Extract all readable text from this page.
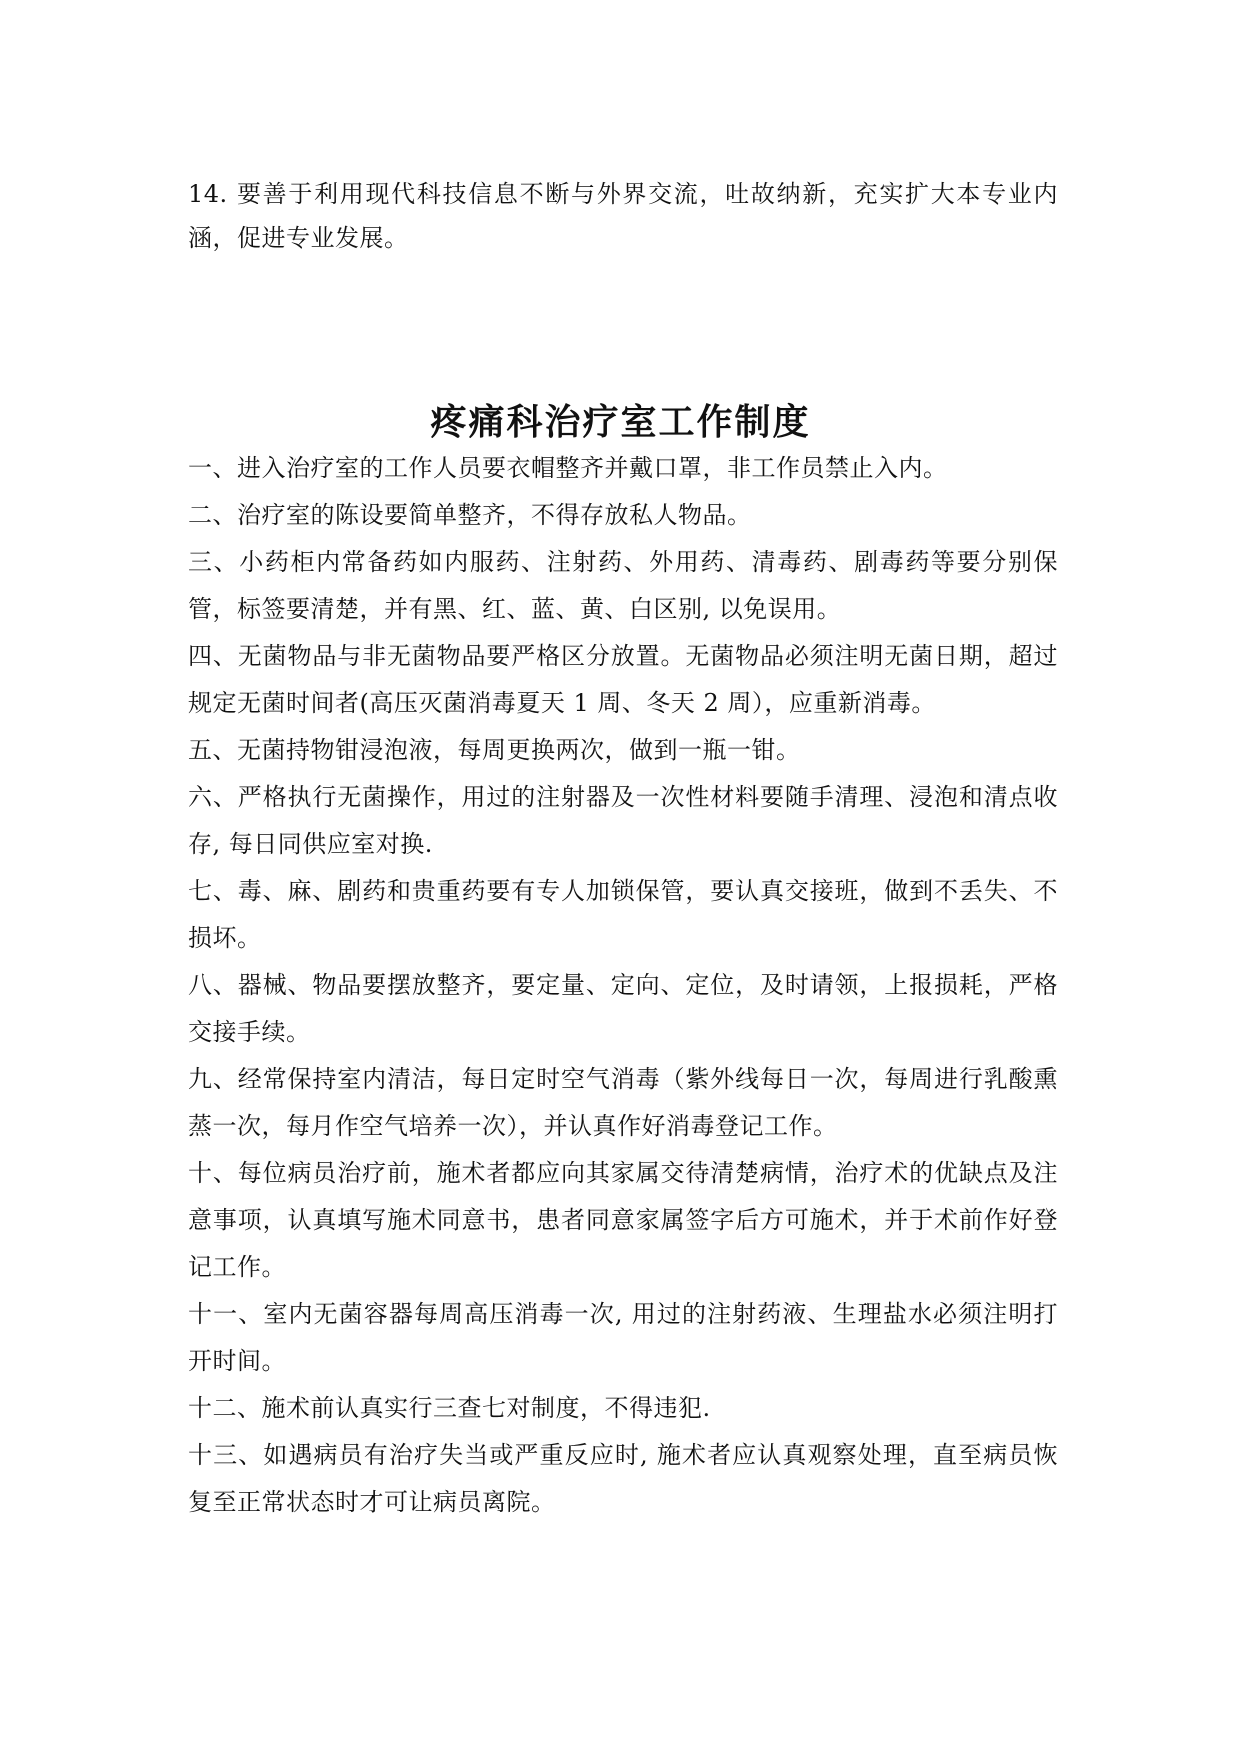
14. 要善于利用现代科技信息不断与外界交流，吐故纳新，充实扩大本专业内涵，促进专业发展。

疼痛科治疗室工作制度

一、进入治疗室的工作人员要衣帽整齐并戴口罩，非工作员禁止入内。

二、治疗室的陈设要简单整齐，不得存放私人物品。

三、小药柜内常备药如内服药、注射药、外用药、清毒药、剧毒药等要分别保管，标签要清楚，并有黑、红、蓝、黄、白区别, 以免误用。

四、无菌物品与非无菌物品要严格区分放置。无菌物品必须注明无菌日期，超过规定无菌时间者(高压灭菌消毒夏天 1 周、冬天 2 周），应重新消毒。

五、无菌持物钳浸泡液，每周更换两次，做到一瓶一钳。

六、严格执行无菌操作，用过的注射器及一次性材料要随手清理、浸泡和清点收存, 每日同供应室对换.

七、毒、麻、剧药和贵重药要有专人加锁保管，要认真交接班，做到不丢失、不损坏。

八、器械、物品要摆放整齐，要定量、定向、定位，及时请领，上报损耗，严格交接手续。

九、经常保持室内清洁，每日定时空气消毒（紫外线每日一次，每周进行乳酸熏蒸一次，每月作空气培养一次），并认真作好消毒登记工作。

十、每位病员治疗前，施术者都应向其家属交待清楚病情，治疗术的优缺点及注意事项，认真填写施术同意书，患者同意家属签字后方可施术，并于术前作好登记工作。

十一、室内无菌容器每周高压消毒一次, 用过的注射药液、生理盐水必须注明打开时间。

十二、施术前认真实行三查七对制度，不得违犯.

十三、如遇病员有治疗失当或严重反应时, 施术者应认真观察处理，直至病员恢复至正常状态时才可让病员离院。
